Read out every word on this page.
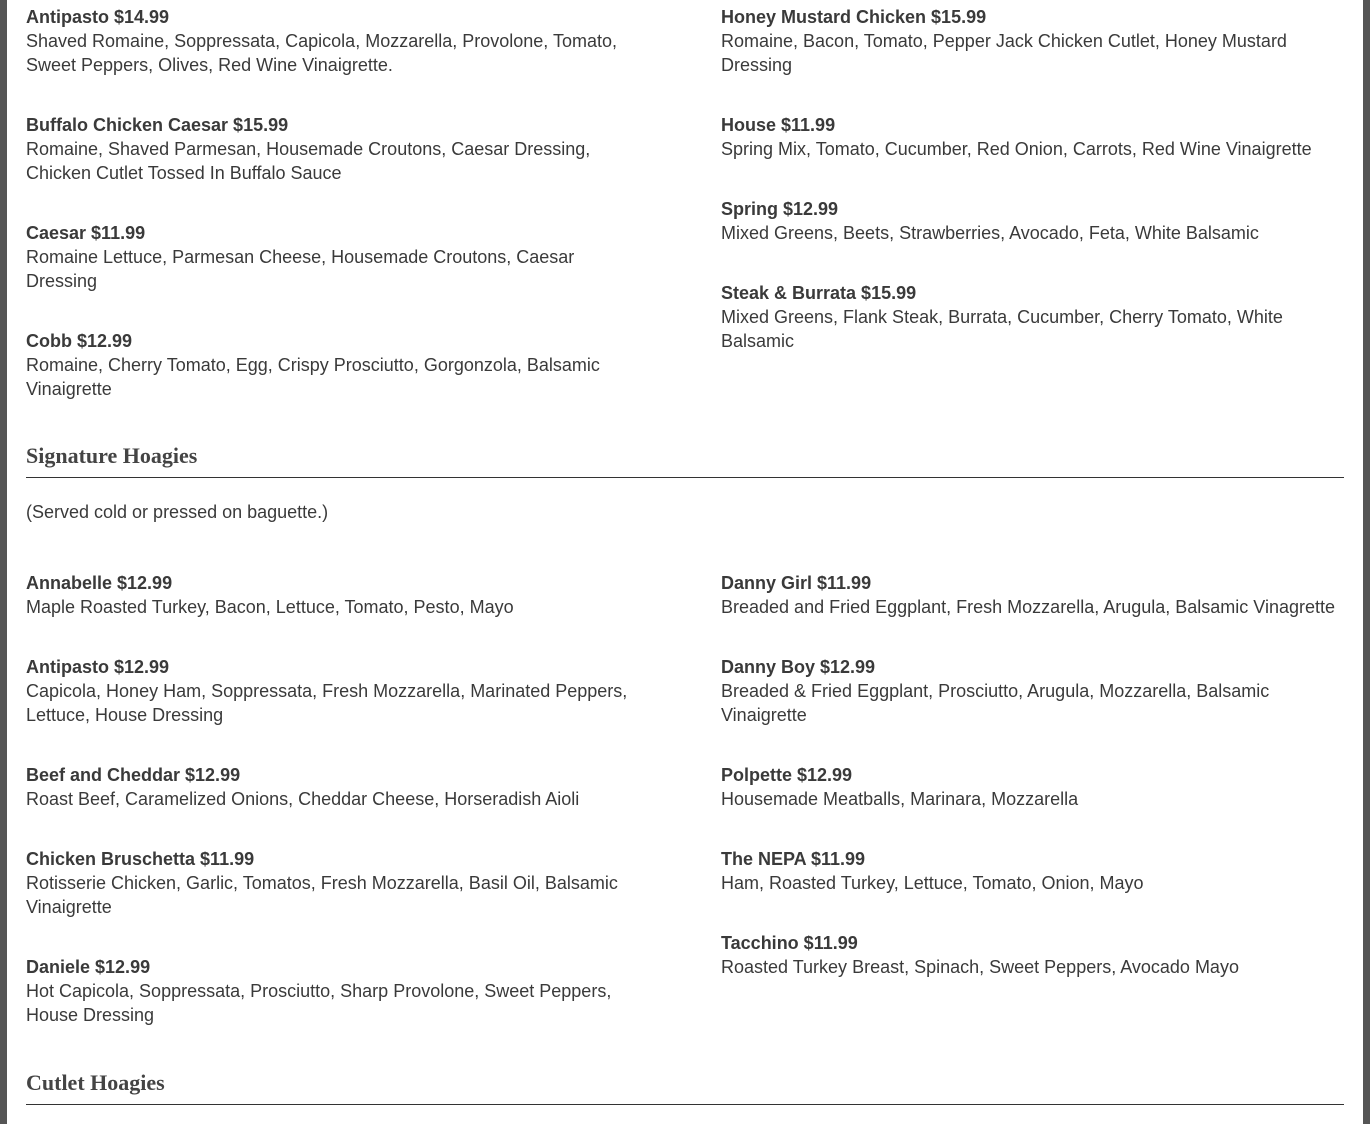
Antipasto $14.99

Shaved Romaine, Soppressata, Capicola, Mozzarella, Provolone, Tomato, Sweet Peppers, Olives, Red Wine Vinaigrette.

Buffalo Chicken Caesar $15.99

Romaine, Shaved Parmesan, Housemade Croutons, Caesar Dressing, Chicken Cutlet Tossed In Buffalo Sauce

Caesar $11.99

Romaine Lettuce, Parmesan Cheese, Housemade Croutons, Caesar Dressing

Cobb $12.99

Romaine, Cherry Tomato, Egg, Crispy Prosciutto, Gorgonzola, Balsamic Vinaigrette

Honey Mustard Chicken $15.99

Romaine, Bacon, Tomato, Pepper Jack Chicken Cutlet, Honey Mustard Dressing

House $11.99

Spring Mix, Tomato, Cucumber, Red Onion, Carrots, Red Wine Vinaigrette

Spring $12.99

Mixed Greens, Beets, Strawberries, Avocado, Feta, White Balsamic

Steak & Burrata $15.99

Mixed Greens, Flank Steak, Burrata, Cucumber, Cherry Tomato, White Balsamic

Signature Hoagies

(Served cold or pressed on baguette.)

Annabelle $12.99

Maple Roasted Turkey, Bacon, Lettuce, Tomato, Pesto, Mayo

Antipasto $12.99

Capicola, Honey Ham, Soppressata, Fresh Mozzarella, Marinated Peppers, Lettuce, House Dressing

Beef and Cheddar $12.99

Roast Beef, Caramelized Onions, Cheddar Cheese, Horseradish Aioli

Chicken Bruschetta $11.99

Rotisserie Chicken, Garlic, Tomatos, Fresh Mozzarella, Basil Oil, Balsamic Vinaigrette

Daniele $12.99

Hot Capicola, Soppressata, Prosciutto, Sharp Provolone, Sweet Peppers, House Dressing

Danny Girl $11.99

Breaded and Fried Eggplant, Fresh Mozzarella, Arugula, Balsamic Vinagrette

Danny Boy $12.99

Breaded & Fried Eggplant, Prosciutto, Arugula, Mozzarella, Balsamic Vinaigrette

Polpette $12.99

Housemade Meatballs, Marinara, Mozzarella

The NEPA $11.99

Ham, Roasted Turkey, Lettuce, Tomato, Onion, Mayo

Tacchino $11.99

Roasted Turkey Breast, Spinach, Sweet Peppers, Avocado Mayo

Cutlet Hoagies
